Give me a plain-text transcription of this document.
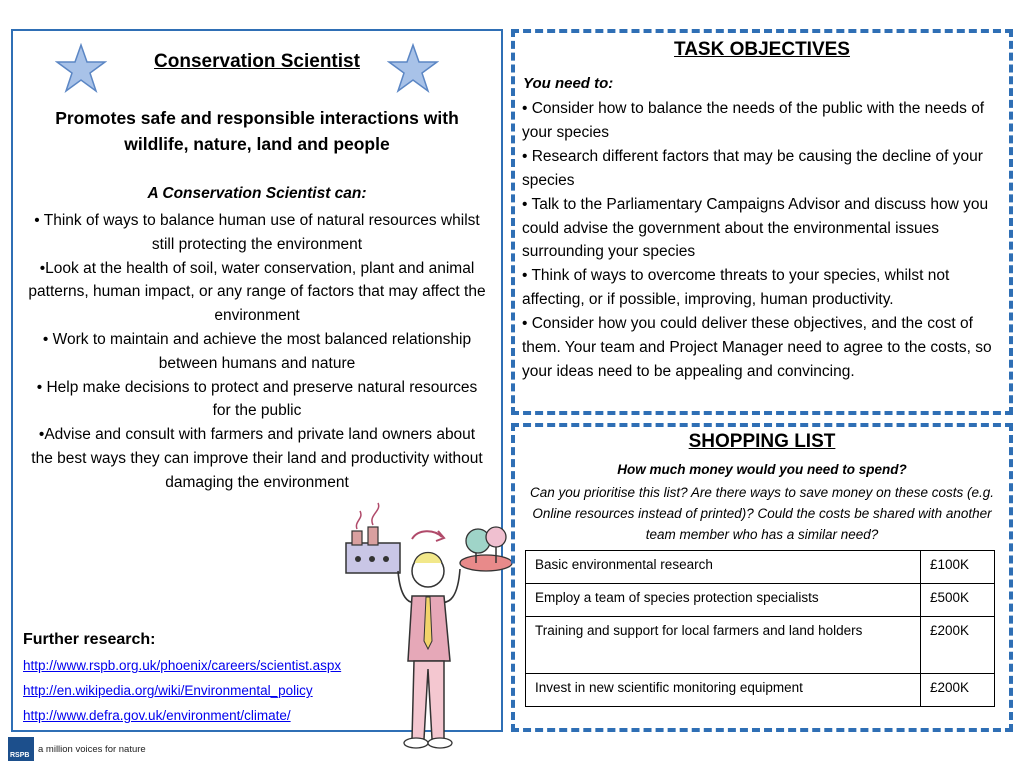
Conservation Scientist
Promotes safe and responsible interactions with wildlife, nature, land and people
A Conservation Scientist can:
• Think of ways to balance human use of natural resources whilst still protecting the environment
•Look at the health of soil, water conservation, plant and animal patterns, human impact, or any range of factors that may affect the environment
• Work to maintain and achieve the most balanced relationship between humans and nature
• Help make decisions to protect and preserve natural resources for the public
•Advise and consult with farmers and private land owners about the best ways they can improve their land and productivity without damaging the environment
Further research:
http://www.rspb.org.uk/phoenix/careers/scientist.aspx
http://en.wikipedia.org/wiki/Environmental_policy
http://www.defra.gov.uk/environment/climate/
TASK OBJECTIVES
You need to:
• Consider how to balance the needs of the public with the needs of your species
• Research different factors that may be causing the decline of your species
• Talk to the Parliamentary Campaigns Advisor and discuss how you could advise the government about the environmental issues surrounding your species
• Think of ways to overcome threats to your species, whilst not affecting, or if possible, improving, human productivity.
• Consider how you could deliver these objectives, and the cost of them. Your team and Project Manager need to agree to the costs, so your ideas need to be appealing and convincing.
SHOPPING LIST
How much money would you need to spend?
Can you prioritise this list? Are there ways to save money on these costs (e.g. Online resources instead of printed)? Could the costs be shared with another team member who has a similar need?
Basic environmental research	£100K
Employ a team of species protection specialists	£500K
Training and support for local farmers and land holders	£200K
Invest in new scientific monitoring equipment	£200K
RSPB
a million voices for nature
